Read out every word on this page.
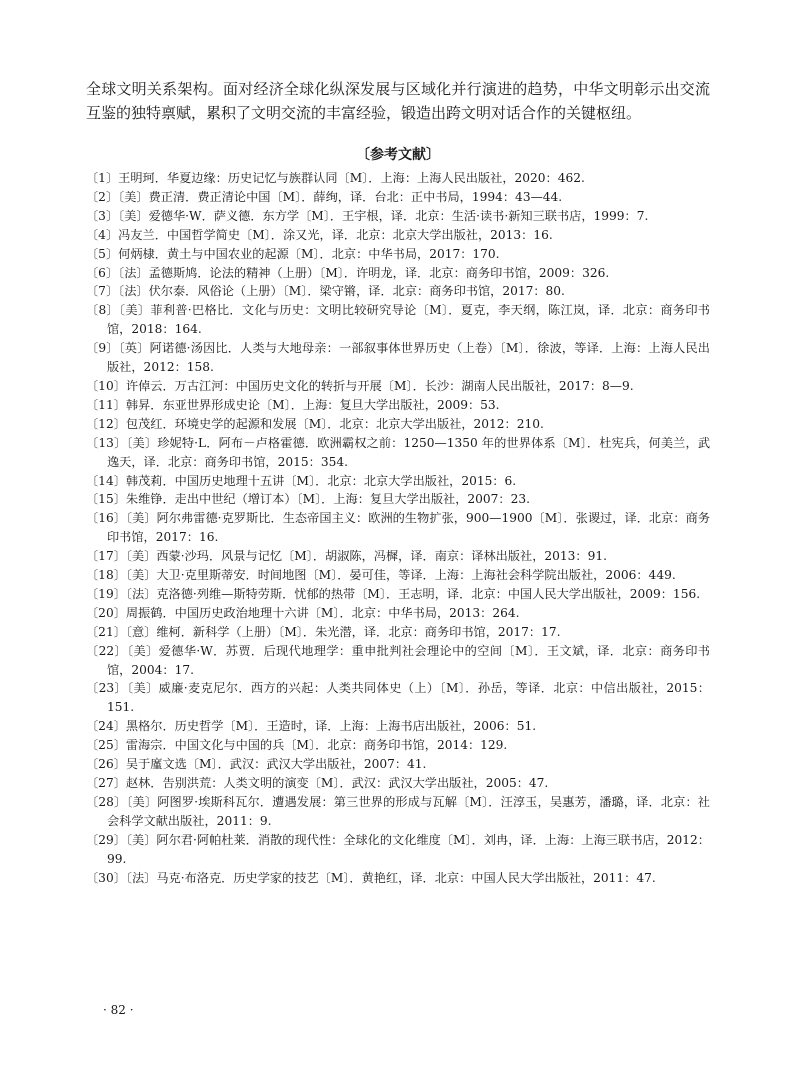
全球文明关系架构。面对经济全球化纵深发展与区域化并行演进的趋势，中华文明彰示出交流互鉴的独特禀赋，累积了文明交流的丰富经验，锻造出跨文明对话合作的关键枢纽。

〔参考文献〕
〔1〕王明珂．华夏边缘：历史记忆与族群认同〔M〕．上海：上海人民出版社，2020：462.
〔2〕〔美〕费正清．费正清论中国〔M〕．薛绚，译．台北：正中书局，1994：43—44.
〔3〕〔美〕爱德华·W．萨义德．东方学〔M〕．王宇根，译．北京：生活·读书·新知三联书店，1999：7.
〔4〕冯友兰．中国哲学简史〔M〕．涂又光，译．北京：北京大学出版社，2013：16.
〔5〕何炳棣．黄土与中国农业的起源〔M〕．北京：中华书局，2017：170.
〔6〕〔法〕孟德斯鸠．论法的精神（上册）〔M〕．许明龙，译．北京：商务印书馆，2009：326.
〔7〕〔法〕伏尔泰．风俗论（上册）〔M〕．梁守锵，译．北京：商务印书馆，2017：80.
〔8〕〔美〕菲利普·巴格比．文化与历史：文明比较研究导论〔M〕．夏克，李天纲，陈江岚，译．北京：商务印书馆，2018：164.
〔9〕〔英〕阿诺德·汤因比．人类与大地母亲：一部叙事体世界历史（上卷）〔M〕．徐波，等译．上海：上海人民出版社，2012：158.
〔10〕许倬云．万古江河：中国历史文化的转折与开展〔M〕．长沙：湖南人民出版社，2017：8—9.
〔11〕韩昇．东亚世界形成史论〔M〕．上海：复旦大学出版社，2009：53.
〔12〕包茂红．环境史学的起源和发展〔M〕．北京：北京大学出版社，2012：210.
〔13〕〔美〕珍妮特·L．阿布－卢格霍德．欧洲霸权之前：1250—1350 年的世界体系〔M〕．杜宪兵，何美兰，武逸天，译．北京：商务印书馆，2015：354.
〔14〕韩茂莉．中国历史地理十五讲〔M〕．北京：北京大学出版社，2015：6.
〔15〕朱维铮．走出中世纪（增订本）〔M〕．上海：复旦大学出版社，2007：23.
〔16〕〔美〕阿尔弗雷德·克罗斯比．生态帝国主义：欧洲的生物扩张，900—1900〔M〕．张谡过，译．北京：商务印书馆，2017：16.
〔17〕〔美〕西蒙·沙玛．风景与记忆〔M〕．胡淑陈，冯樨，译．南京：译林出版社，2013：91.
〔18〕〔美〕大卫·克里斯蒂安．时间地图〔M〕．晏可佳，等译．上海：上海社会科学院出版社，2006：449.
〔19〕〔法〕克洛德·列维—斯特劳斯．忧郁的热带〔M〕．王志明，译．北京：中国人民大学出版社，2009：156.
〔20〕周振鹤．中国历史政治地理十六讲〔M〕．北京：中华书局，2013：264.
〔21〕〔意〕维柯．新科学（上册）〔M〕．朱光潜，译．北京：商务印书馆，2017：17.
〔22〕〔美〕爱德华·W．苏贾．后现代地理学：重申批判社会理论中的空间〔M〕．王文斌，译．北京：商务印书馆，2004：17.
〔23〕〔美〕威廉·麦克尼尔．西方的兴起：人类共同体史（上）〔M〕．孙岳，等译．北京：中信出版社，2015：151.
〔24〕黑格尔．历史哲学〔M〕．王造时，译．上海：上海书店出版社，2006：51.
〔25〕雷海宗．中国文化与中国的兵〔M〕．北京：商务印书馆，2014：129.
〔26〕吴于廑文选〔M〕．武汉：武汉大学出版社，2007：41.
〔27〕赵林．告别洪荒：人类文明的演变〔M〕．武汉：武汉大学出版社，2005：47.
〔28〕〔美〕阿图罗·埃斯科瓦尔．遭遇发展：第三世界的形成与瓦解〔M〕．汪淳玉，吴惠芳，潘璐，译．北京：社会科学文献出版社，2011：9.
〔29〕〔美〕阿尔君·阿帕杜莱．消散的现代性：全球化的文化维度〔M〕．刘冉，译．上海：上海三联书店，2012：99.
〔30〕〔法〕马克·布洛克．历史学家的技艺〔M〕．黄艳红，译．北京：中国人民大学出版社，2011：47.
· 82 ·
